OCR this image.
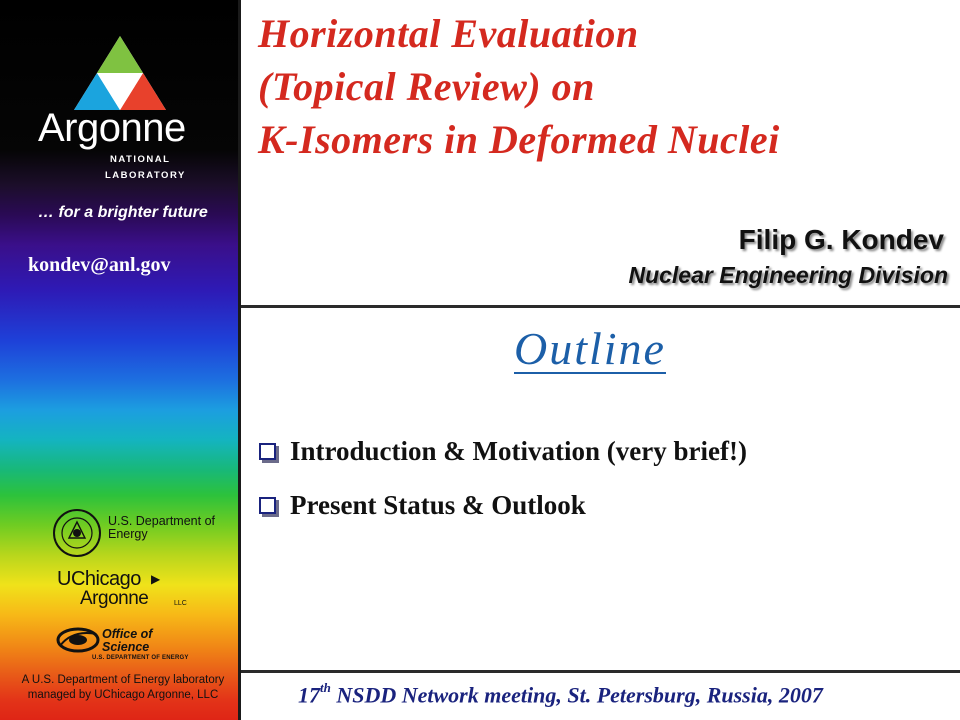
Argonne
NATIONAL
LABORATORY
… for a brighter future
kondev@anl.gov
U.S. Department of Energy
UChicago ▶
Argonne	LLC
Office of Science
U.S. DEPARTMENT OF ENERGY
A U.S. Department of Energy laboratory
managed by UChicago Argonne, LLC
Horizontal Evaluation
(Topical Review) on
K-Isomers in Deformed Nuclei
Filip G. Kondev
Nuclear Engineering Division
Outline
Introduction & Motivation (very brief!)
Present Status & Outlook
17th NSDD Network meeting, St. Petersburg, Russia, 2007
